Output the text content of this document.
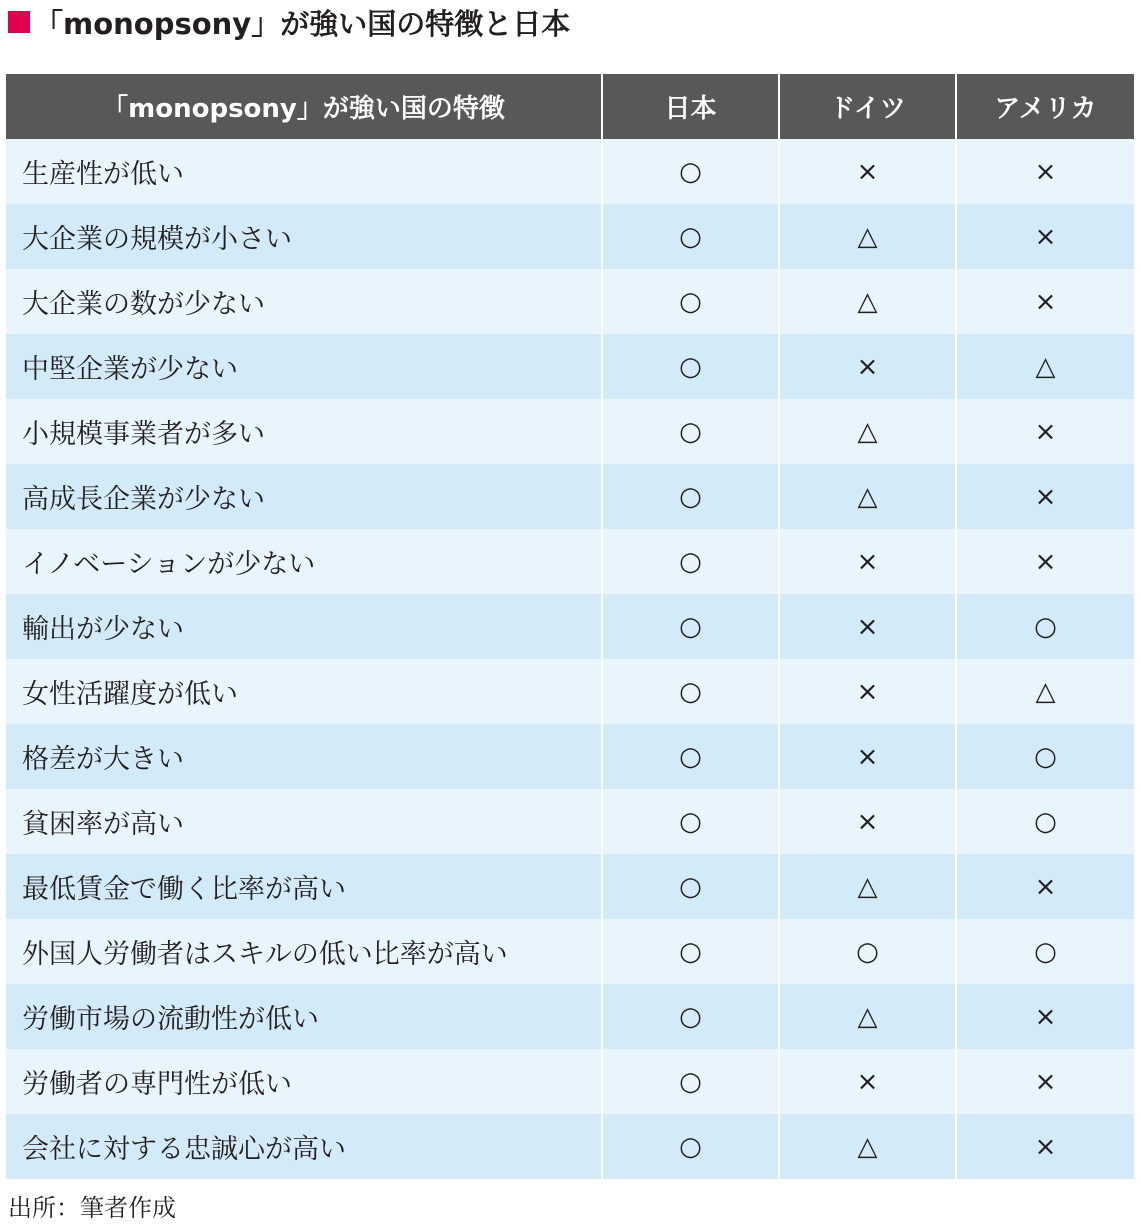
「monopsony」が強い国の特徴と日本
「monopsony」が強い国の特徴	日本	ドイツ	アメリカ
生産性が低い	○	×	×
大企業の規模が小さい	○	△	×
大企業の数が少ない	○	△	×
中堅企業が少ない	○	×	△
小規模事業者が多い	○	△	×
高成長企業が少ない	○	△	×
イノベーションが少ない	○	×	×
輸出が少ない	○	×	○
女性活躍度が低い	○	×	△
格差が大きい	○	×	○
貧困率が高い	○	×	○
最低賃金で働く比率が高い	○	△	×
外国人労働者はスキルの低い比率が高い	○	○	○
労働市場の流動性が低い	○	△	×
労働者の専門性が低い	○	×	×
会社に対する忠誠心が高い	○	△	×
出所：筆者作成
